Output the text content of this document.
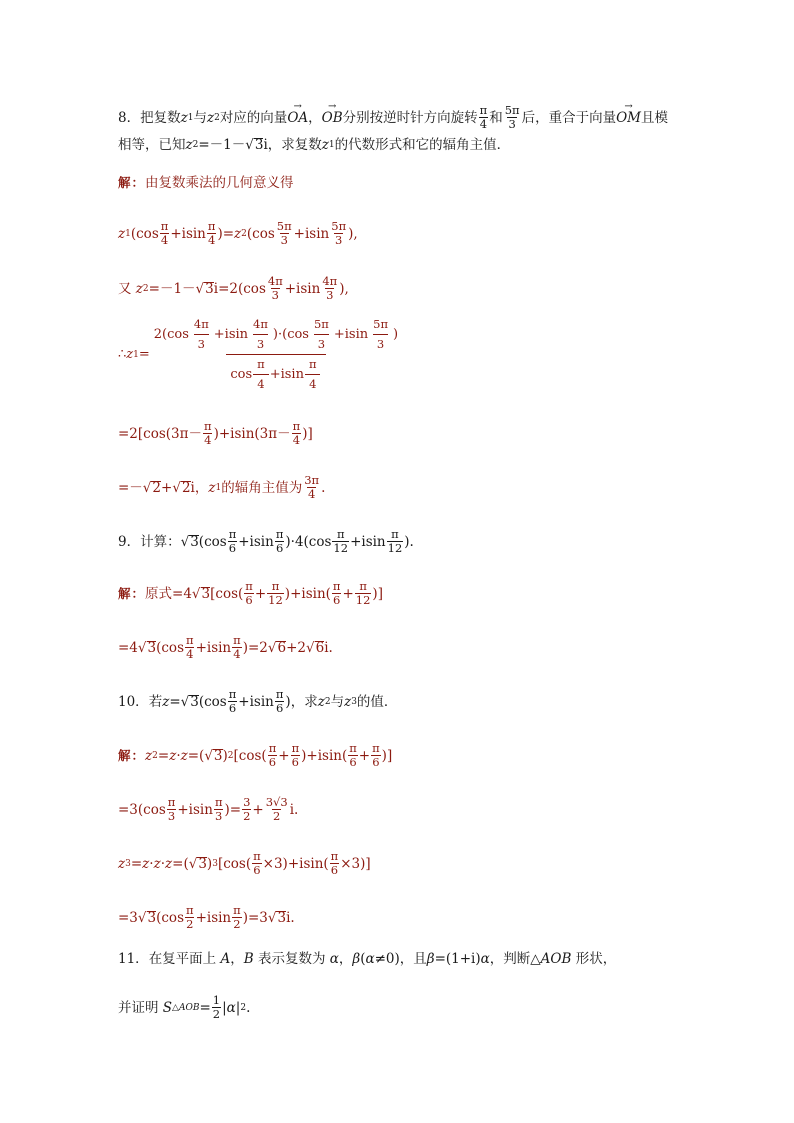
8． 把复数 z 1 与 z 2 对应的向量 → OA ， → OB 分别按逆时针方向旋转 π
4 和 5π
3 后，重合于向量 → OM 且模
相等，已知 z 2 =－1－√ 3 i ，求复数 z 1 的代数形式和它的辐角主值．
解： 由复数乘法的几何意义得
z 1 (cos π
4 +isin π
4 )= z 2 (cos 5π
3 +isin 5π
3 ),
又
z 2 =－1－√ 3 i=2(cos 4π
3 +isin 4π
3 ),
∴ z 1 =
2(cos
4π
3
+isin
4π
3
)·(cos
5π
3
+isin
5π
3
)
cos
π
4
+isin
π
4
=2[cos(3π－ π
4 )+isin(3π－ π
4 )]
=－√ 2 +√ 2 i， z 1 的辐角主值为 3π
4 .
9． 计算： √ 3 (cos π
6 +isin π
6 )·4(cos π
12 +isin π
12 ).
解： 原式 =4√ 3 [cos( π
6 + π
12 )+isin( π
6 + π
12 )]
=4√ 3 (cos π
4 +isin π
4 )=2√ 6 +2√ 6 i.
10． 若 z =√ 3 (cos π
6 +isin π
6 ) ，求 z 2 与 z 3 的值．
解： z 2 = z · z =(√ 3 ) 2 [cos( π
6 + π
6 )+isin( π
6 + π
6 )]
=3(cos π
3 +isin π
3 )= 3
2 + 3√3
2 i.
z 3 = z · z · z =(√ 3 ) 3 [cos( π
6 ×3)+isin( π
6 ×3)]
=3√ 3 (cos π
2 +isin π
2 )=3√ 3 i.
11． 在复平面上
A ， B
表示复数为
α ， β ( α ≠0) ，且 β =(1+i) α ，判断△ AOB
形状，
并证明
S △AOB = 1
2 | α | 2 .
